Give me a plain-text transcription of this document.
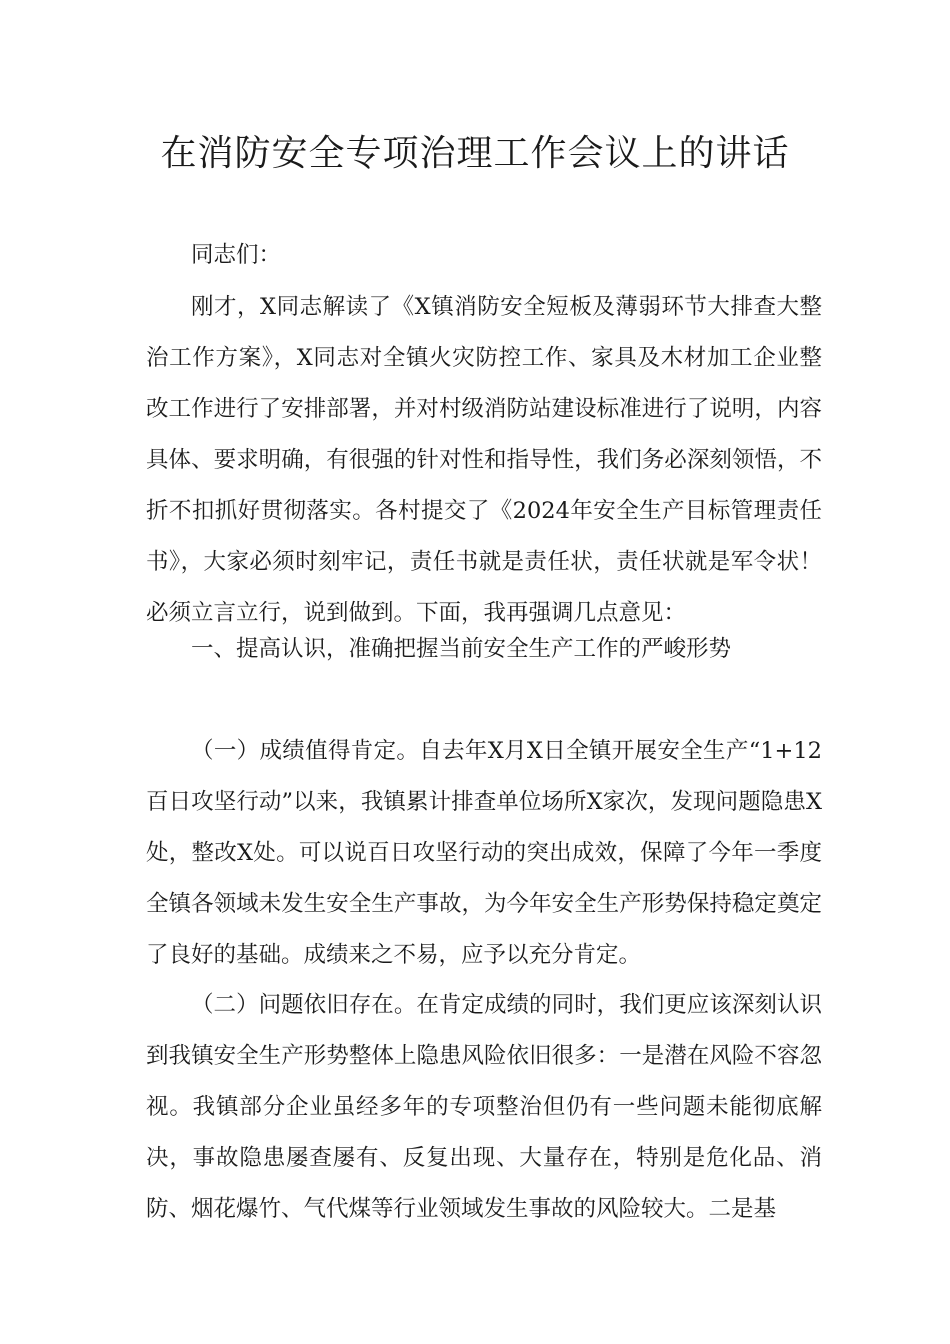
在消防安全专项治理工作会议上的讲话

同志们：

刚才，X同志解读了《X镇消防安全短板及薄弱环节大排查大整治工作方案》，X同志对全镇火灾防控工作、家具及木材加工企业整改工作进行了安排部署，并对村级消防站建设标准进行了说明，内容具体、要求明确，有很强的针对性和指导性，我们务必深刻领悟，不折不扣抓好贯彻落实。各村提交了《2024年安全生产目标管理责任书》，大家必须时刻牢记，责任书就是责任状，责任状就是军令状！必须立言立行，说到做到。下面，我再强调几点意见：

一、提高认识，准确把握当前安全生产工作的严峻形势

（一）成绩值得肯定。自去年X月X日全镇开展安全生产“1+12百日攻坚行动”以来，我镇累计排查单位场所X家次，发现问题隐患X处，整改X处。可以说百日攻坚行动的突出成效，保障了今年一季度全镇各领域未发生安全生产事故，为今年安全生产形势保持稳定奠定了良好的基础。成绩来之不易，应予以充分肯定。

（二）问题依旧存在。在肯定成绩的同时，我们更应该深刻认识到我镇安全生产形势整体上隐患风险依旧很多：一是潜在风险不容忽视。我镇部分企业虽经多年的专项整治但仍有一些问题未能彻底解决，事故隐患屡查屡有、反复出现、大量存在，特别是危化品、消防、烟花爆竹、气代煤等行业领域发生事故的风险较大。二是基
